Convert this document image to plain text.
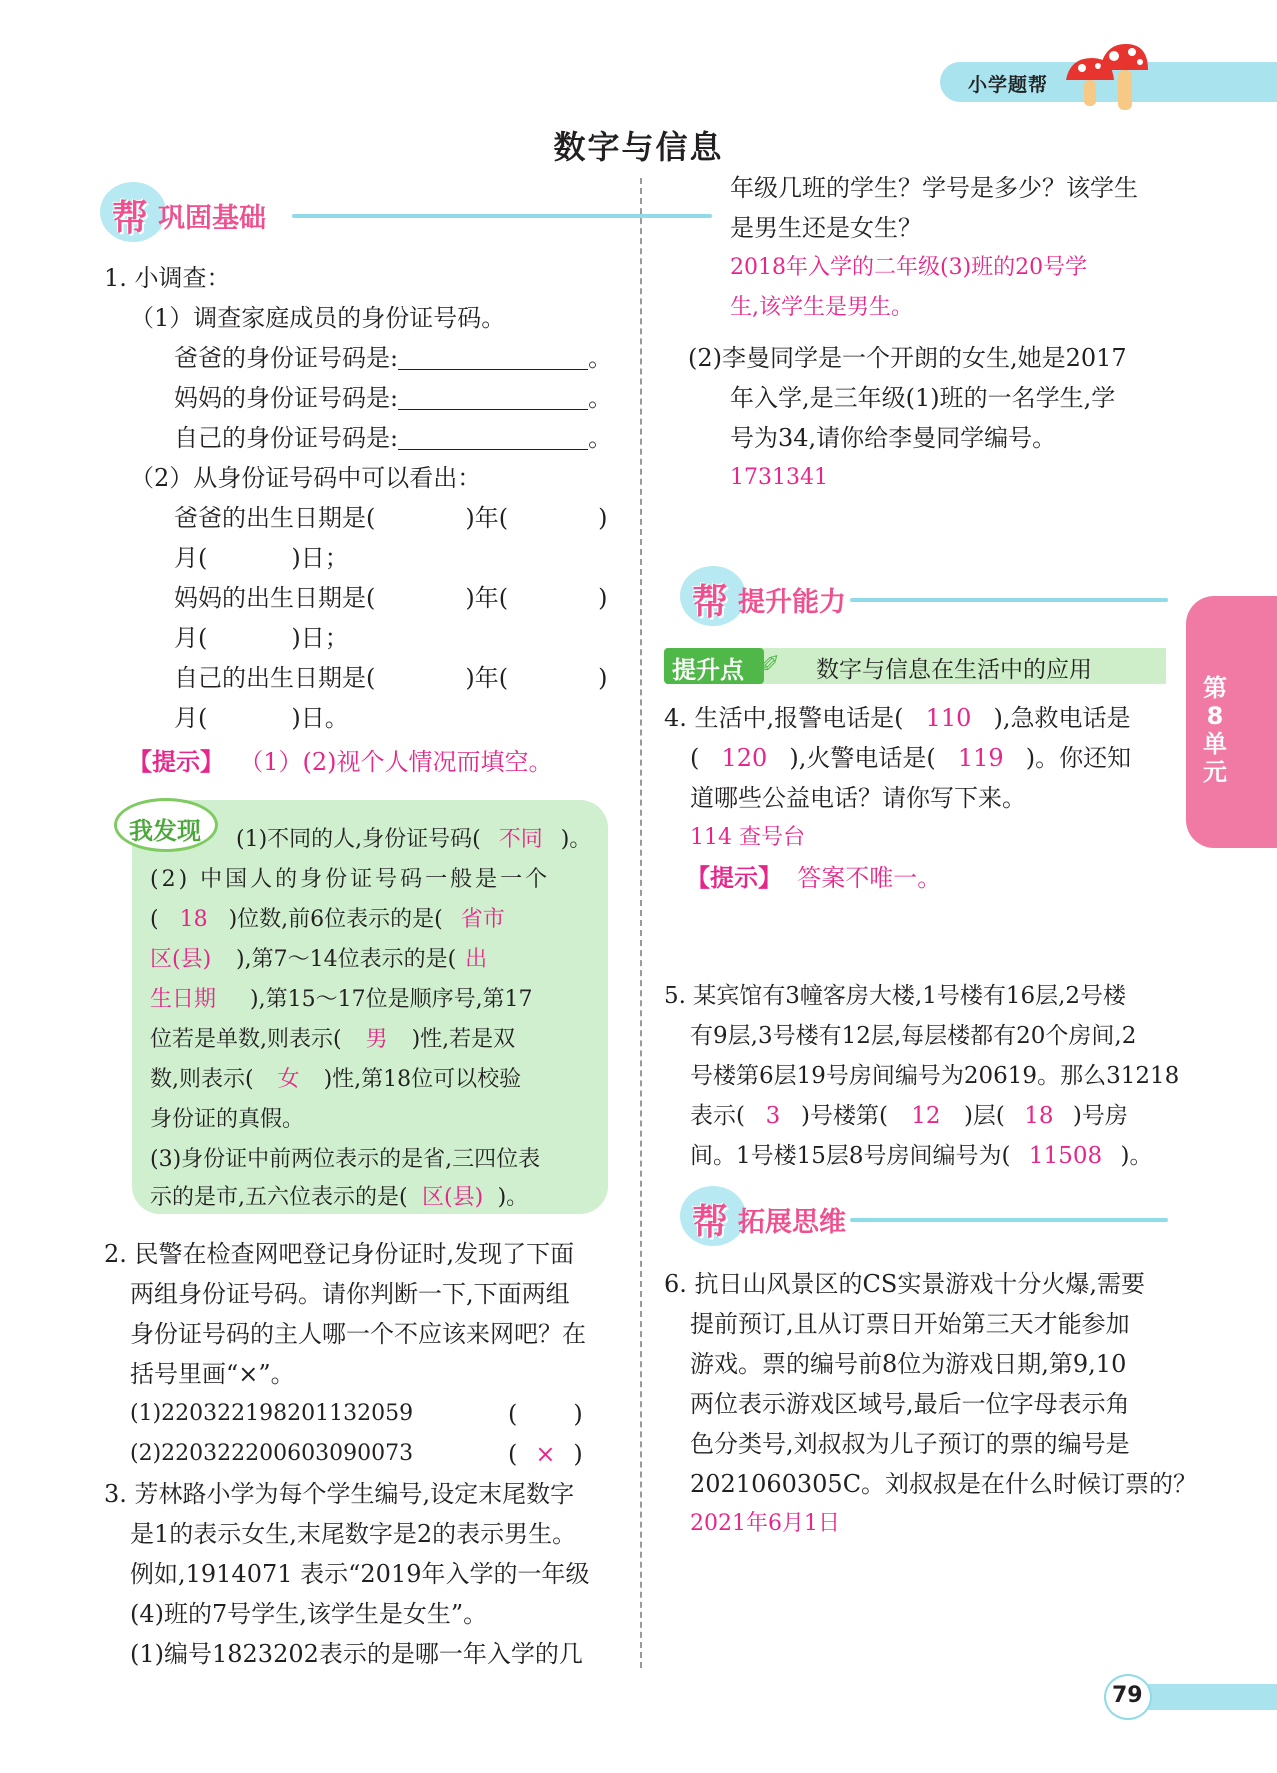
小学题帮
数字与信息
帮 巩固基础
1. 小调查：
（1）调查家庭成员的身份证号码。
爸爸的身份证号码是:	。
妈妈的身份证号码是:	。
自己的身份证号码是:	。
（2）从身份证号码中可以看出：
爸爸的出生日期是(	)年(	)
月(	)日；
妈妈的出生日期是(	)年(	)
月(	)日；
自己的出生日期是(	)年(	)
月(	)日。
【提示】 （1）(2)视个人情况而填空。
我发现 (1)不同的人,身份证号码( 不同 )。
(2) 中国人的身份证号码一般是一个
( 18 )位数,前6位表示的是( 省市
区(县) ),第7～14位表示的是( 出
生日期 ),第15～17位是顺序号,第17
位若是单数,则表示( 男 )性,若是双
数,则表示( 女 )性,第18位可以校验
身份证的真假。
(3)身份证中前两位表示的是省,三四位表
示的是市,五六位表示的是( 区(县) )。
2. 民警在检查网吧登记身份证时,发现了下面
两组身份证号码。请你判断一下,下面两组
身份证号码的主人哪一个不应该来网吧？在
括号里画“×”。
(1)220322198201132059	( )
(2)220322200603090073	( × )
3. 芳林路小学为每个学生编号,设定末尾数字
是1的表示女生,末尾数字是2的表示男生。
例如,1914071 表示“2019年入学的一年级
(4)班的7号学生,该学生是女生”。
(1)编号1823202表示的是哪一年入学的几
年级几班的学生？学号是多少？该学生
是男生还是女生？
2018年入学的二年级(3)班的20号学
生,该学生是男生。
(2)李曼同学是一个开朗的女生,她是2017
年入学,是三年级(1)班的一名学生,学
号为34,请你给李曼同学编号。
1731341
帮 提升能力
提升点 ✐ 数字与信息在生活中的应用
4. 生活中,报警电话是( 110 ),急救电话是
( 120 ),火警电话是( 119 )。你还知
道哪些公益电话？请你写下来。
114 查号台
【提示】 答案不唯一。
5. 某宾馆有3幢客房大楼,1号楼有16层,2号楼
有9层,3号楼有12层,每层楼都有20个房间,2
号楼第6层19号房间编号为20619。那么31218
表示( 3 )号楼第( 12 )层( 18 )号房
间。1号楼15层8号房间编号为( 11508 )。
帮 拓展思维
6. 抗日山风景区的CS实景游戏十分火爆,需要
提前预订,且从订票日开始第三天才能参加
游戏。票的编号前8位为游戏日期,第9,10
两位表示游戏区域号,最后一位字母表示角
色分类号,刘叔叔为儿子预订的票的编号是
2021060305C。刘叔叔是在什么时候订票的？
2021年6月1日
第8单元
79
